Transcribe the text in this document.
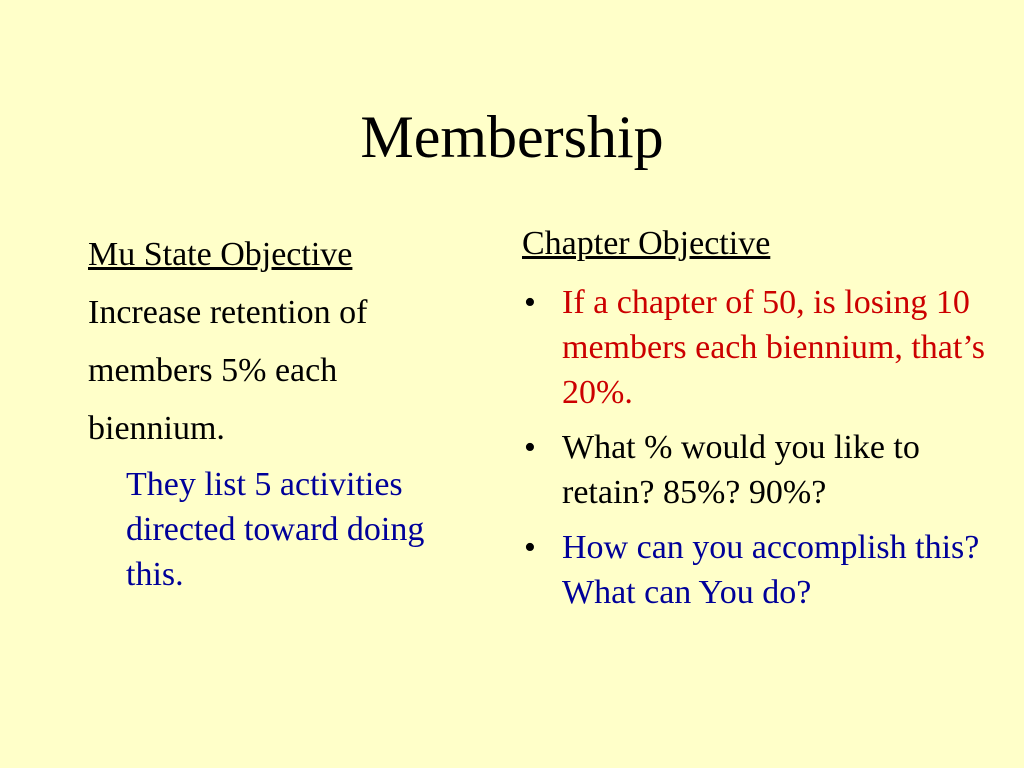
Membership

Mu State Objective

Increase retention of

members 5% each

biennium.

They list 5 activities directed toward doing this.

Chapter Objective

• If a chapter of 50, is losing 10 members each biennium, that’s 20%.
• What % would you like to retain? 85%? 90%?
• How can you accomplish this? What can You do?
